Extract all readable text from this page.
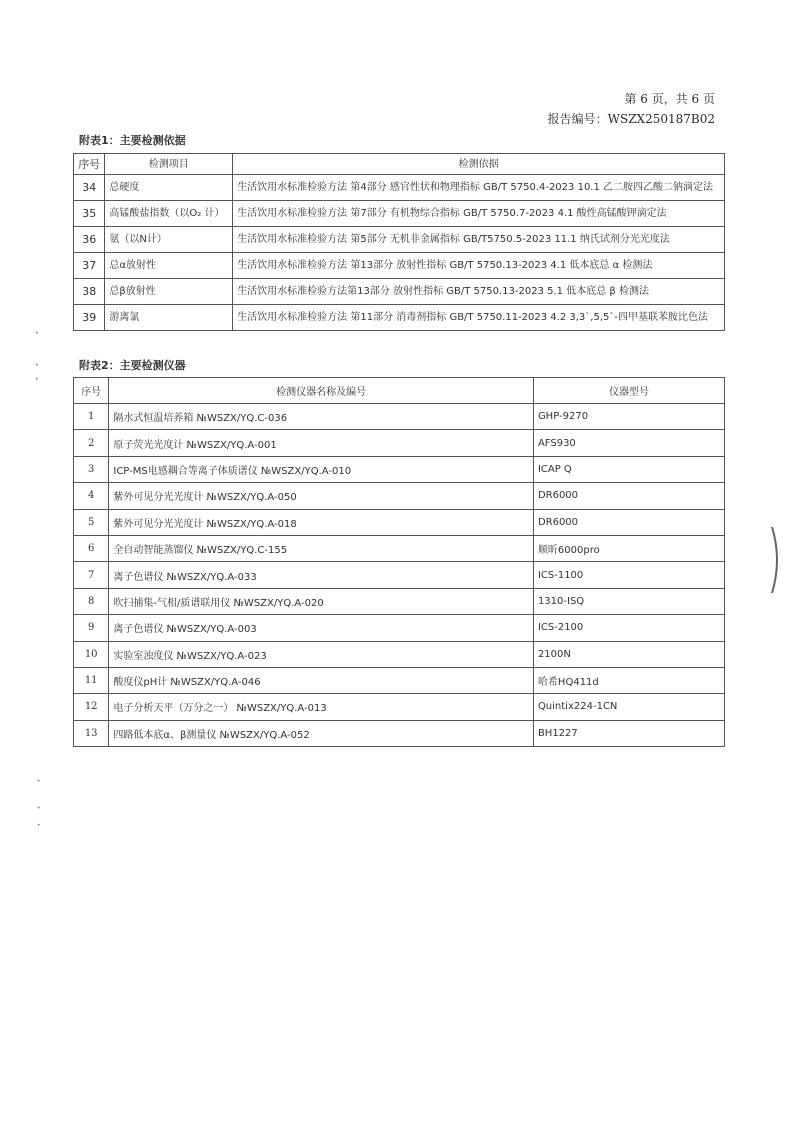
第 6 页，共 6 页
报告编号：WSZX250187B02
附表1：主要检测依据
序号	检测项目	检测依据
34	总硬度	生活饮用水标准检验方法 第4部分 感官性状和物理指标 GB/T 5750.4-2023 10.1 乙二胺四乙酸二钠滴定法
35	高锰酸盐指数（以O₂ 计）	生活饮用水标准检验方法 第7部分 有机物综合指标 GB/T 5750.7-2023 4.1 酸性高锰酸钾滴定法
36	氨（以N计）	生活饮用水标准检验方法 第5部分 无机非金属指标 GB/T5750.5-2023 11.1 纳氏试剂分光光度法
37	总α放射性	生活饮用水标准检验方法 第13部分 放射性指标 GB/T 5750.13-2023 4.1 低本底总 α 检测法
38	总β放射性	生活饮用水标准检验方法第13部分 放射性指标 GB/T 5750.13-2023 5.1 低本底总 β 检测法
39	游离氯	生活饮用水标准检验方法 第11部分 消毒剂指标 GB/T 5750.11-2023 4.2 3,3`,5,5`-四甲基联苯胺比色法
附表2：主要检测仪器
序号	检测仪器名称及编号	仪器型号
1	隔水式恒温培养箱 №WSZX/YQ.C-036	GHP-9270
2	原子荧光光度计 №WSZX/YQ.A-001	AFS930
3	ICP-MS电感耦合等离子体质谱仪 №WSZX/YQ.A-010	ICAP Q
4	紫外可见分光光度计 №WSZX/YQ.A-050	DR6000
5	紫外可见分光光度计 №WSZX/YQ.A-018	DR6000
6	全自动智能蒸馏仪 №WSZX/YQ.C-155	顺昕6000pro
7	离子色谱仪 №WSZX/YQ.A-033	ICS-1100
8	吹扫捕集-气相/质谱联用仪 №WSZX/YQ.A-020	1310-ISQ
9	离子色谱仪 №WSZX/YQ.A-003	ICS-2100
10	实验室浊度仪 №WSZX/YQ.A-023	2100N
11	酸度仪pH计 №WSZX/YQ.A-046	哈希HQ411d
12	电子分析天平（万分之一） №WSZX/YQ.A-013	Quintix224-1CN
13	四路低本底α、β测量仪 №WSZX/YQ.A-052	BH1227
•
•
•
•
•
•
